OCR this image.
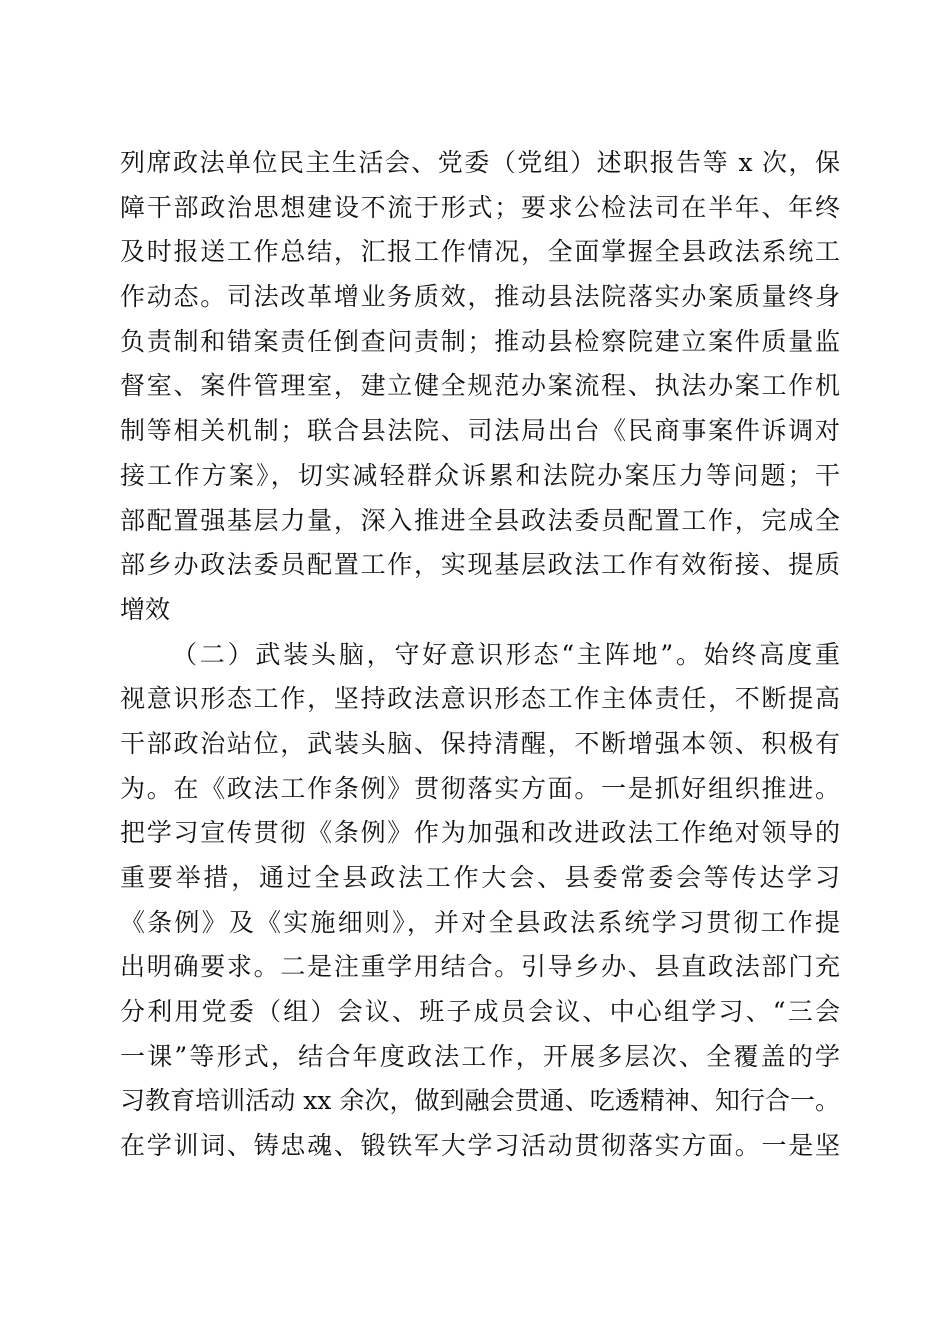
列席政法单位民主生活会、党委（党组）述职报告等 x 次，保
障干部政治思想建设不流于形式；要求公检法司在半年、年终
及时报送工作总结，汇报工作情况，全面掌握全县政法系统工
作动态。司法改革增业务质效，推动县法院落实办案质量终身
负责制和错案责任倒查问责制；推动县检察院建立案件质量监
督室、案件管理室，建立健全规范办案流程、执法办案工作机
制等相关机制；联合县法院、司法局出台《民商事案件诉调对
接工作方案》，切实减轻群众诉累和法院办案压力等问题；干
部配置强基层力量，深入推进全县政法委员配置工作，完成全
部乡办政法委员配置工作，实现基层政法工作有效衔接、提质
增效
（二）武装头脑，守好意识形态“主阵地”。始终高度重
视意识形态工作，坚持政法意识形态工作主体责任，不断提高
干部政治站位，武装头脑、保持清醒，不断增强本领、积极有
为。在《政法工作条例》贯彻落实方面。一是抓好组织推进。
把学习宣传贯彻《条例》作为加强和改进政法工作绝对领导的
重要举措，通过全县政法工作大会、县委常委会等传达学习
《条例》及《实施细则》，并对全县政法系统学习贯彻工作提
出明确要求。二是注重学用结合。引导乡办、县直政法部门充
分利用党委（组）会议、班子成员会议、中心组学习、“三会
一课”等形式，结合年度政法工作，开展多层次、全覆盖的学
习教育培训活动 xx 余次，做到融会贯通、吃透精神、知行合一。
在学训词、铸忠魂、锻铁军大学习活动贯彻落实方面。一是坚
